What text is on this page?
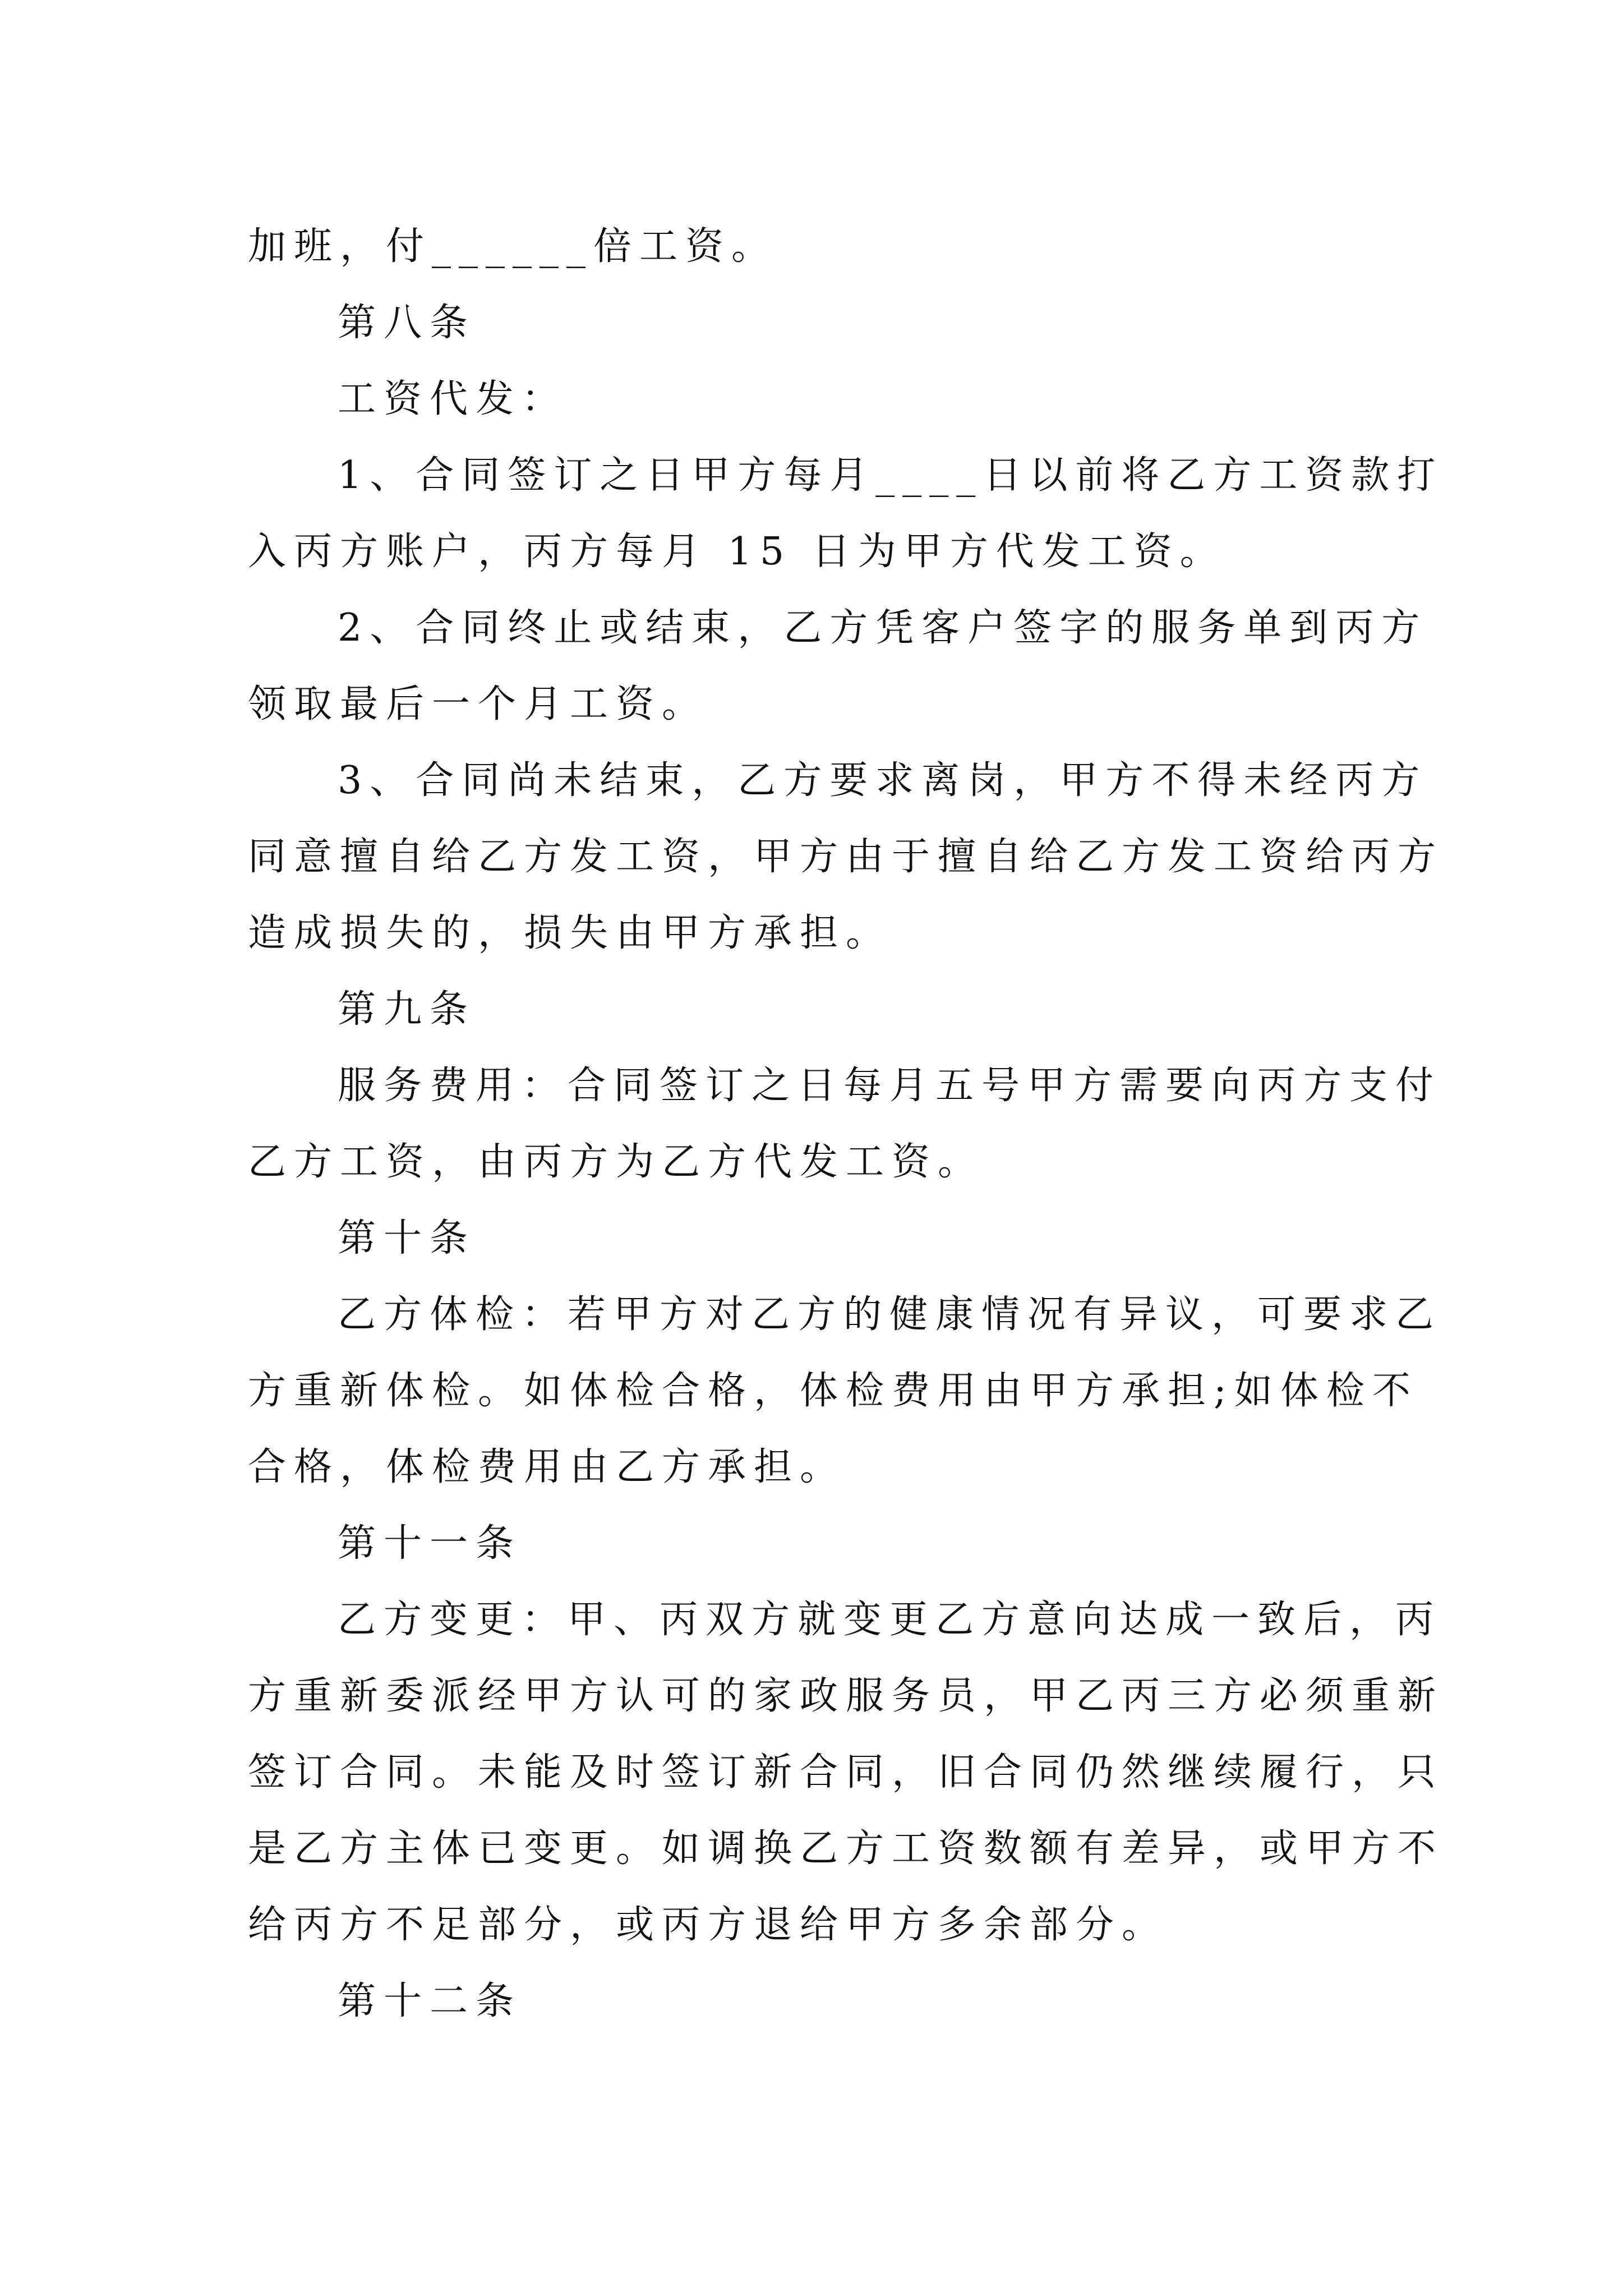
加班，付______倍工资。
第八条
工资代发：
1、合同签订之日甲方每月____日以前将乙方工资款打
入丙方账户，丙方每月 15 日为甲方代发工资。
2、合同终止或结束，乙方凭客户签字的服务单到丙方
领取最后一个月工资。
3、合同尚未结束，乙方要求离岗，甲方不得未经丙方
同意擅自给乙方发工资，甲方由于擅自给乙方发工资给丙方
造成损失的，损失由甲方承担。
第九条
服务费用：合同签订之日每月五号甲方需要向丙方支付
乙方工资，由丙方为乙方代发工资。
第十条
乙方体检：若甲方对乙方的健康情况有异议，可要求乙
方重新体检。如体检合格，体检费用由甲方承担;如体检不
合格，体检费用由乙方承担。
第十一条
乙方变更：甲、丙双方就变更乙方意向达成一致后，丙
方重新委派经甲方认可的家政服务员，甲乙丙三方必须重新
签订合同。未能及时签订新合同，旧合同仍然继续履行，只
是乙方主体已变更。如调换乙方工资数额有差异，或甲方不
给丙方不足部分，或丙方退给甲方多余部分。
第十二条
